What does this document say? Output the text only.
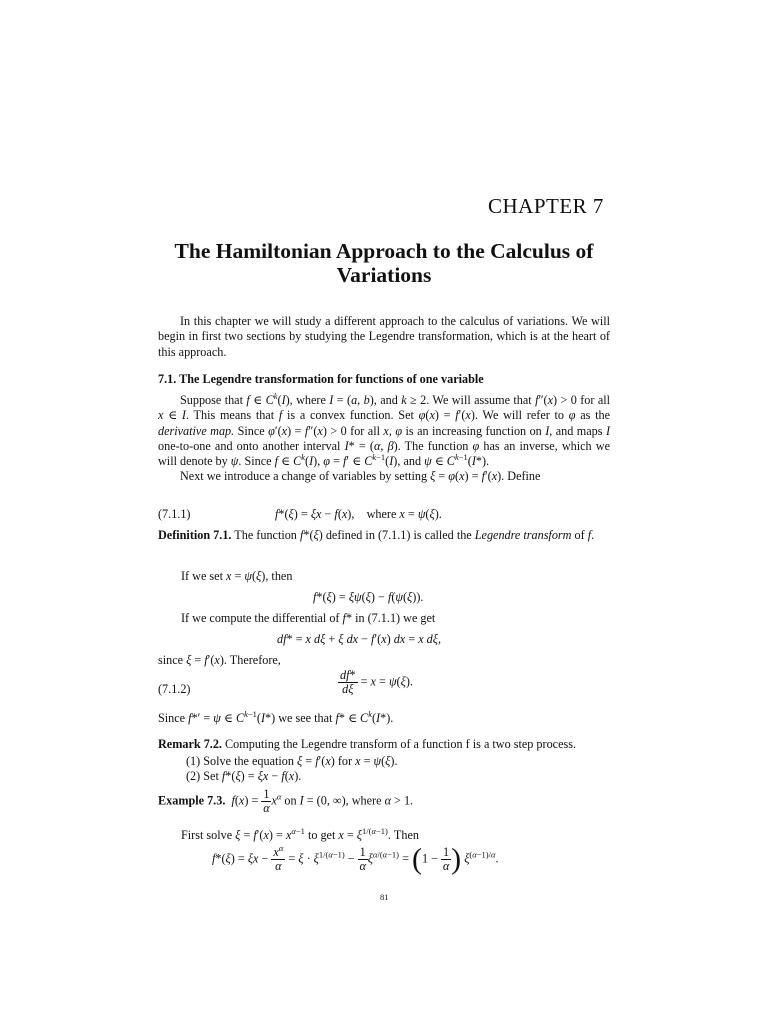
CHAPTER 7
The Hamiltonian Approach to the Calculus of
Variations
In this chapter we will study a different approach to the calculus of variations. We will begin in first two sections by studying the Legendre transformation, which is at the heart of this approach.
7.1. The Legendre transformation for functions of one variable
Suppose that f ∈ $C^k(I)$, where I = (a, b), and k ≥ 2. We will assume that f″(x) > 0 for all x ∈ I. This means that f is a convex function. Set φ(x) = f′(x). We will refer to φ as the derivative map. Since φ′(x) = f″(x) > 0 for all x, φ is an increasing function on I, and maps I one-to-one and onto another interval I* = (α, β). The function φ has an inverse, which we will denote by ψ. Since f ∈ $C^k(I)$, φ = f′ ∈ $C^{k-1}(I)$, and ψ ∈ $C^{k-1}(I*)$.
Next we introduce a change of variables by setting ξ = φ(x) = f′(x). Define
(7.1.1)	f*(ξ) = ξx − f(x),    where x = ψ(ξ).
Definition 7.1. The function f*(ξ) defined in (7.1.1) is called the Legendre transform of f.
If we set x = ψ(ξ), then
f*(ξ) = ξψ(ξ) − f(ψ(ξ)).
If we compute the differential of f* in (7.1.1) we get
df* = x dξ + ξ dx − f′(x) dx = x dξ,
since ξ = f′(x). Therefore,
(7.1.2)	$\frac{df*}{d\xi} = x = \psi(\xi)$.
Since f*′ = ψ ∈ $C^{k-1}(I*)$ we see that f* ∈ $C^k(I*)$.
Remark 7.2. Computing the Legendre transform of a function f is a two step process.
(1) Solve the equation ξ = f′(x) for x = ψ(ξ).
(2) Set f*(ξ) = ξx − f(x).
Example 7.3. $f(x) = \frac{1}{\alpha} x^\alpha$ on I = (0, ∞), where α > 1.
First solve $\xi = f'(x) = x^{\alpha-1}$ to get $x = \xi^{1/(\alpha-1)}$. Then
$f*(\xi) = \xi x - \frac{x^\alpha}{\alpha} = \xi \cdot \xi^{1/(\alpha-1)} - \frac{1}{\alpha} \xi^{\alpha/(\alpha-1)} = (1 - \frac{1}{\alpha}$ ) $\xi^{(\alpha-1)/\alpha}$.
81
